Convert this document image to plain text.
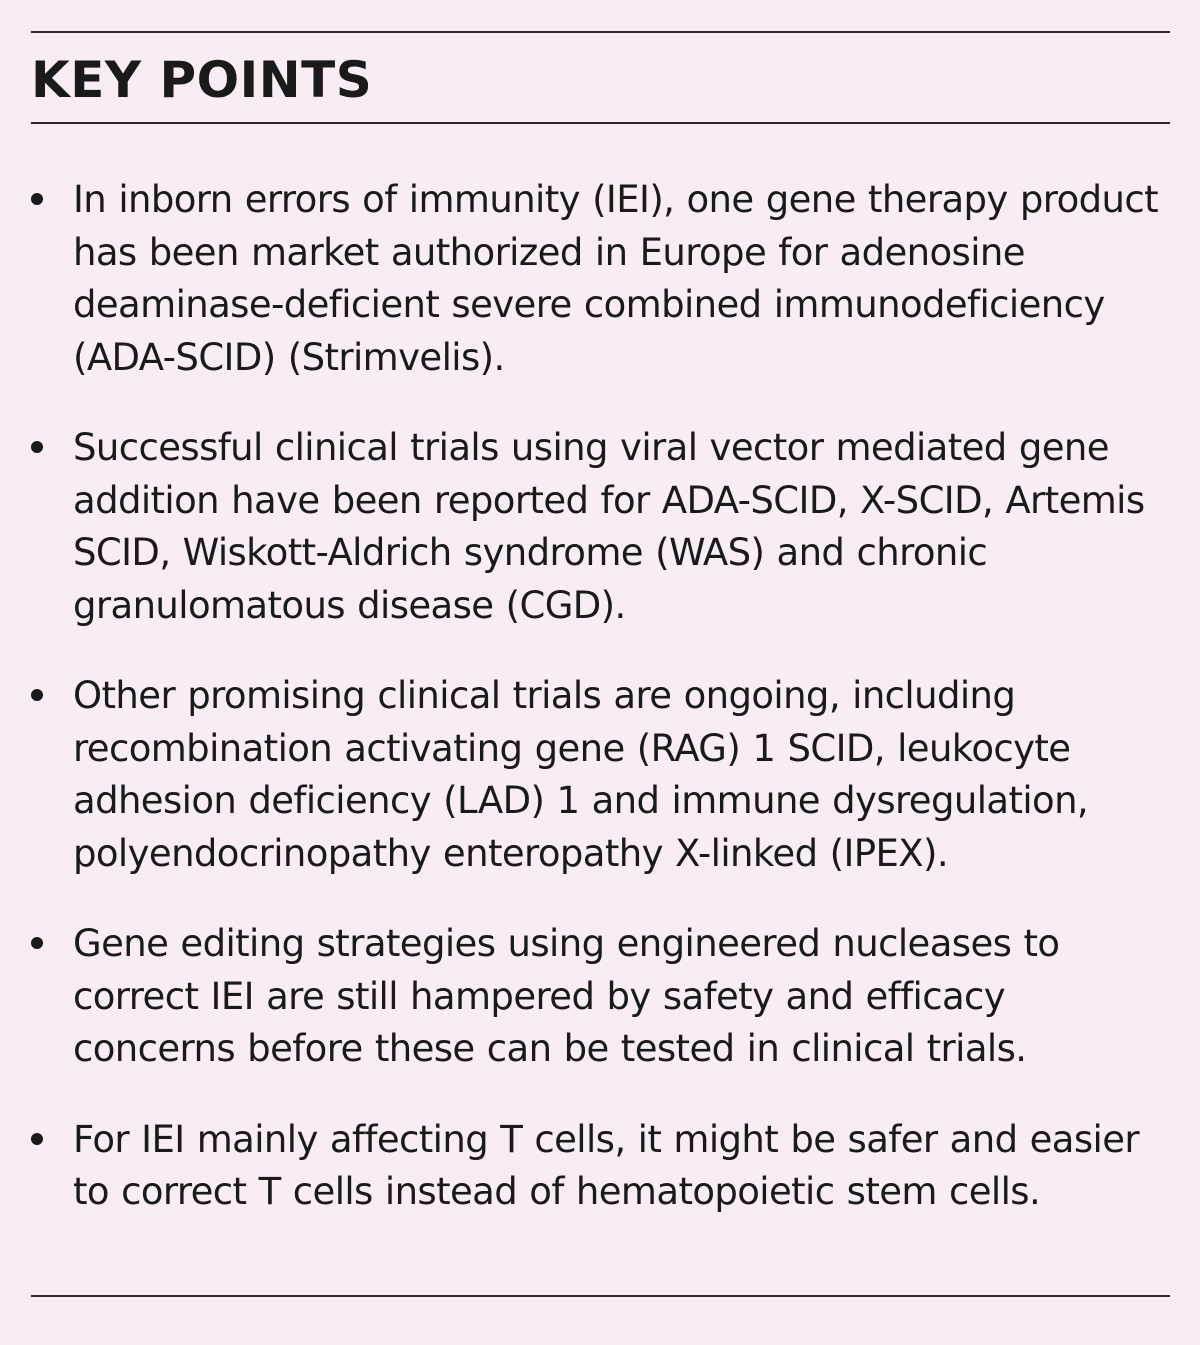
KEY POINTS
In inborn errors of immunity (IEI), one gene therapy product has been market authorized in Europe for adenosine deaminase-deficient severe combined immunodeficiency (ADA-SCID) (Strimvelis).
Successful clinical trials using viral vector mediated gene addition have been reported for ADA-SCID, X-SCID, Artemis SCID, Wiskott-Aldrich syndrome (WAS) and chronic granulomatous disease (CGD).
Other promising clinical trials are ongoing, including recombination activating gene (RAG) 1 SCID, leukocyte adhesion deficiency (LAD) 1 and immune dysregulation, polyendocrinopathy enteropathy X-linked (IPEX).
Gene editing strategies using engineered nucleases to correct IEI are still hampered by safety and efficacy concerns before these can be tested in clinical trials.
For IEI mainly affecting T cells, it might be safer and easier to correct T cells instead of hematopoietic stem cells.
